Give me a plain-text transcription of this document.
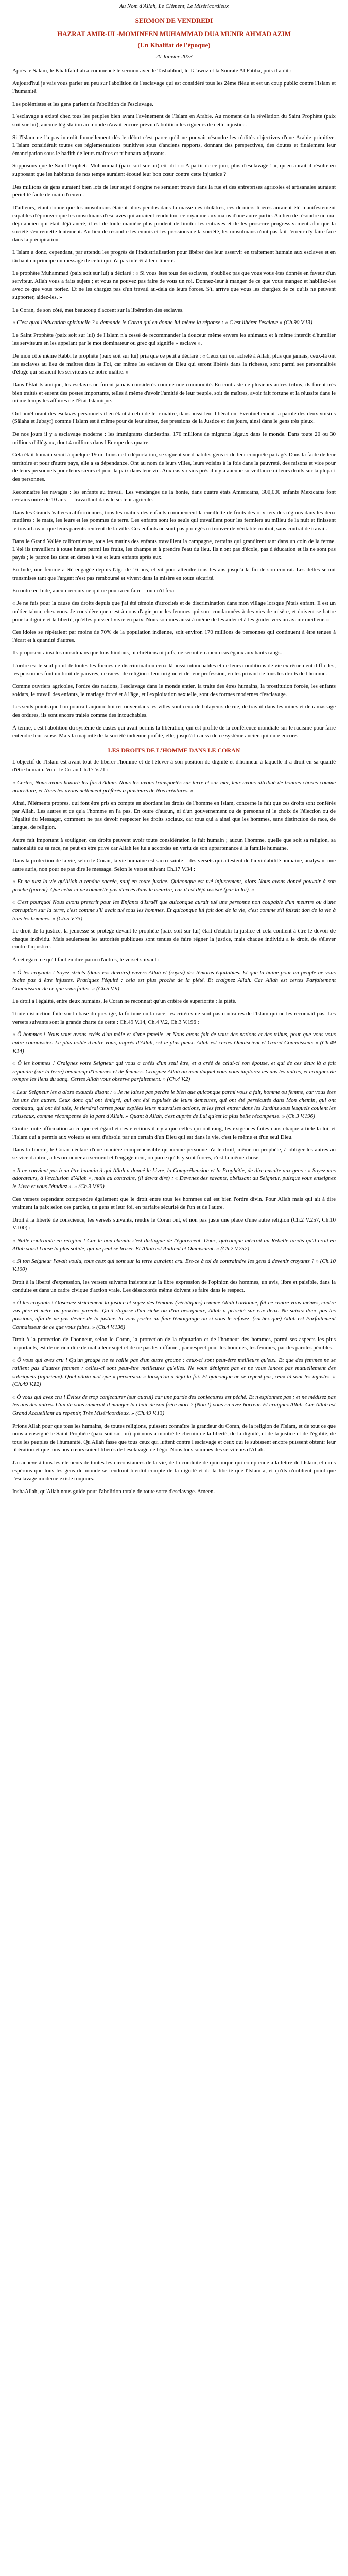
Au Nom d'Allah, Le Clément, Le Miséricordieux
SERMON DE VENDREDI
HAZRAT AMIR-UL-MOMINEEN MUHAMMAD DUA MUNIR AHMAD AZIM
(Un Khalifat de l'époque)
20 Janvier 2023

Après le Salam, le Khalifatullah a commencé le sermon avec le Tashahhud, le Ta'awuz et la Sourate Al Fatiha, puis il a dit :

Aujourd'hui je vais vous parler au peu sur l'abolition de l'esclavage qui est considéré tous les 2ème fléau et est un coup public contre l'Islam et l'humanité.

Les polémistes et les gens parlent de l'abolition de l'esclavage.

L'esclavage a existé chez tous les peuples bien avant l'avènement de l'Islam en Arabie. Au moment de la révélation du Saint Prophète (paix soit sur lui), aucune législation au monde n'avait encore prévu d'abolition les rigueurs de cette injustice.

Si l'Islam ne l'a pas interdit formellement dès le début c'est parce qu'il ne pouvait résoudre les réalités objectives d'une Arabie primitive. L'Islam considérait toutes ces réglementations punitives sous d'anciens rapports, donnant des perspectives, des doutes et finalement leur émancipation sous le hadith de leurs maîtres et tribunaux adjuvants.

Supposons que le Saint Prophète Muhammad (paix soit sur lui) eût dit : « A partir de ce jour, plus d'esclavage ! », qu'en aurait-il résulté en supposant que les habitants de nos temps auraient écouté leur bon cœur contre cette injustice ?

Des millions de gens auraient bien lots de leur sujet d'origine ne seraient trouvé dans la rue et des entreprises agricoles et artisanales auraient périclité faute de main d'œuvre.

D'ailleurs, étant donné que les musulmans étaient alors pendus dans la masse des idolâtres, ces derniers libérés auraient été manifestement capables d'éprouver que les musulmans d'esclaves qui auraient rendu tout ce royaume aux mains d'une autre partie. Au lieu de résoudre un mal déjà ancien qui était déjà ancré, il est de toute manière plus prudent de limiter les entraves et de les proscrire progressivement afin que la société s'en remette lentement. Au lieu de résoudre les ennuis et les pressions de la société, les musulmans n'ont pas fait l'erreur d'y faire face dans la précipitation.

L'Islam a donc, cependant, par attendu les progrès de l'industrialisation pour libérer des leur asservir en traitement humain aux esclaves et en tâchant en principe un message de celui qui n'a pas intérêt à leur liberté.

Le prophète Muhammad (paix soit sur lui) a déclaré : « Si vous êtes tous des esclaves, n'oubliez pas que vous vous êtes donnés en faveur d'un serviteur. Allah vous a faits sujets ; et vous ne pouvez pas faire de vous un roi. Donnez-leur à manger de ce que vous mangez et habillez-les avec ce que vous portez. Et ne les chargez pas d'un travail au-delà de leurs forces. S'il arrive que vous les chargiez de ce qu'ils ne peuvent supporter, aidez-les. »

Le Coran, de son côté, met beaucoup d'accent sur la libération des esclaves.

« C'est quoi l'éducation spirituelle ? » demande le Coran qui en donne lui-même la réponse : « C'est libérer l'esclave » (Ch.90 V.13)

Le Saint Prophète (paix soit sur lui) de l'Islam n'a cessé de recommander la douceur même envers les animaux et à même interdit d'humilier les serviteurs en les appelant par le mot dominateur ou grec qui signifie « esclave ».

De mon côté même Rabbi le prophète (paix soit sur lui) pria que ce petit a déclaré : « Ceux qui ont acheté à Allah, plus que jamais, ceux-là ont les esclaves au lieu de maîtres dans la Foi, car même les esclaves de Dieu qui seront libérés dans la richesse, sont parmi ses personnalités d'éloge qui seraient les serviteurs de notre maître. »

Dans l'État Islamique, les esclaves ne furent jamais considérés comme une commodité. En contraste de plusieurs autres tribus, ils furent très bien traités et eurent des postes importants, telles à même d'avoir l'amitié de leur peuple, soit de maîtres, avoir fait fortune et la réussite dans le même temps les affaires de l'État Islamique.

Ont améliorant des esclaves personnels il en étant à celui de leur maître, dans aussi leur libération. Eventuellement la parole des deux voisins (Sâlaha et Jubayr) comme l'Islam est à même pour de leur aimer, des pressions de la Justice et des jours, ainsi dans le gens très pieux.

De nos jours il y a esclavage moderne : les immigrants clandestins. 170 millions de migrants légaux dans le monde. Dans toute 20 ou 30 millions d'illégaux, dont 4 millions dans l'Europe des quatre.

Cela était humain serait à quelque 19 millions de la déportation, se signent sur d'habiles gens et de leur conquête partagé. Dans la faute de leur territoire et pour d'autre pays, elle a sa dépendance. Ont au nom de leurs villes, leurs voisins à la fois dans la pauvreté, des raisons et vice pour de leurs personnels pour leurs sœurs et pour la paix dans leur vie. Aux cas voisins près il n'y a aucune surveillance ni leurs droits sur la plupart des personnes.

Reconnaître les ravages : les enfants au travail. Les vendanges de la honte, dans quatre états Américains, 300,000 enfants Mexicains font certains outre de 10 ans — travaillant dans le secteur agricole.

Dans les Grands Vallées californiennes, tous les matins des enfants commencent la cueillette de fruits des ouvriers des régions dans les deux matières : le maïs, les leurs et les pommes de terre. Les enfants sont les seuls qui travaillent pour les fermiers au milieu de la nuit et finissent le travail avant que leurs parents rentrent de la ville. Ces enfants ne sont pas protégés ni trouver de véritable contrat, sans contrat de travail.

Dans le Grand Vallée californienne, tous les matins des enfants travaillent la campagne, certains qui grandirent tant dans un coin de la ferme. L'été ils travaillent à toute heure parmi les fruits, les champs et à prendre l'eau du lieu. Ils n'ont pas d'école, pas d'éducation et ils ne sont pas payés ; le patron les tient en dettes à vie et leurs enfants après eux.

En Inde, une femme a été engagée depuis l'âge de 16 ans, et vit pour attendre tous les ans jusqu'à la fin de son contrat. Les dettes seront transmises tant que l'argent n'est pas remboursé et vivent dans la misère en toute sécurité.

En outre en Inde, aucun recours ne qui ne pourra en faire – ou qu'il fera.

« Je ne fuis pour la cause des droits depuis que j'ai été témoin d'atrocités et de discrimination dans mon village lorsque j'étais enfant. Il est un métier tabou, chez vous. Je considère que c'est à nous d'agir pour les femmes qui sont condamnées à des vies de misère, et doivent se battre pour la dignité et la liberté, qu'elles puissent vivre en paix. Nous sommes aussi à même de les aider et à les guider vers un avenir meilleur. »

Ces idoles se répétaient par moins de 70% de la population indienne, soit environ 170 millions de personnes qui continuent à être tenues à l'écart et à quantité d'autres.

Ils proposent ainsi les musulmans que tous hindous, ni chrétiens ni juifs, ne seront en aucun cas égaux aux hauts rangs.

L'ordre est le seul point de toutes les formes de discrimination ceux-là aussi intouchables et de leurs conditions de vie extrêmement difficiles, les personnes font un bruit de pauvres, de races, de religion : leur origine et de leur profession, en les privant de tous les droits de l'homme.

Comme ouvriers agricoles, l'ordre des nations, l'esclavage dans le monde entier, la traite des êtres humains, la prostitution forcée, les enfants soldats, le travail des enfants, le mariage forcé et à l'âge, et l'exploitation sexuelle, sont des formes modernes d'esclavage.

Les seuls points que l'on pourrait aujourd'hui retrouver dans les villes sont ceux de balayeurs de rue, de travail dans les mines et de ramassage des ordures, ils sont encore traités comme des intouchables.

À terme, c'est l'abolition du système de castes qui avait permis la libération, qui est profite de la conférence mondiale sur le racisme pour faire entendre leur cause. Mais la majorité de la société indienne profite, elle, jusqu'à là aussi de ce système ancien qui dure encore.

LES DROITS DE L'HOMME DANS LE CORAN

L'objectif de l'Islam est avant tout de libérer l'homme et de l'élever à son position de dignité et d'honneur à laquelle il a droit en sa qualité d'être humain. Voici le Coran Ch.17 V.71 :

« Certes, Nous avons honoré les fils d'Adam. Nous les avons transportés sur terre et sur mer, leur avons attribué de bonnes choses comme nourriture, et Nous les avons nettement préférés à plusieurs de Nos créatures. »

Ainsi, l'éléments propres, qui font être pris en compte en abordant les droits de l'homme en Islam, concerne le fait que ces droits sont conférés par Allah. Les autres et ce qu'a l'homme en l'a pas. En outre d'aucun, ni d'un gouvernement ou de personne ni le choix de l'élection ou de l'égalité du Messager, comment ne pas devoir respecter les droits sociaux, car tous qui a ainsi que les hommes, sans distinction de race, de langue, de religion.

Autre fait important à souligner, ces droits peuvent avoir toute considération le fait humain ; aucun l'homme, quelle que soit sa religion, sa nationalité ou sa race, ne peut en être privé car Allah les lui a accordés en vertu de son appartenance à la famille humaine.

Dans la protection de la vie, selon le Coran, la vie humaine est sacro-sainte – des versets qui attestent de l'inviolabilité humaine, analysant une autre auris, non pour ne pas dire le message. Selon le verset suivant Ch.17 V.34 :

« Et ne tuez la vie qu'Allah a rendue sacrée, sauf en toute justice. Quiconque est tué injustement, alors Nous avons donné pouvoir à son proche (parent). Que celui-ci ne commette pas d'excès dans le meurtre, car il est déjà assisté (par la loi). »

« C'est pourquoi Nous avons prescrit pour les Enfants d'Israël que quiconque aurait tué une personne non coupable d'un meurtre ou d'une corruption sur la terre, c'est comme s'il avait tué tous les hommes. Et quiconque lui fait don de la vie, c'est comme s'il faisait don de la vie à tous les hommes. » (Ch.5 V.33)

Le droit de la justice, la jeunesse se protège devant le prophète (paix soit sur lui) était d'établir la justice et cela contient à être le devoir de chaque individu. Mais seulement les autorités publiques sont tenues de faire régner la justice, mais chaque individu a le droit, de s'élever contre l'injustice.

À cet égard ce qu'il faut en dire parmi d'autres, le verset suivant :

« Ô les croyants ! Soyez stricts (dans vos devoirs) envers Allah et (soyez) des témoins équitables. Et que la haine pour un peuple ne vous incite pas à être injustes. Pratiquez l'équité : cela est plus proche de la piété. Et craignez Allah. Car Allah est certes Parfaitement Connaisseur de ce que vous faites. » (Ch.5 V.9)

Le droit à l'égalité, entre deux humains, le Coran ne reconnaît qu'un critère de supériorité : la piété.

Toute distinction faite sur la base du prestige, la fortune ou la race, les critères ne sont pas contraires de l'Islam qui ne les reconnaît pas. Les versets suivants sont la grande charte de cette : Ch.49 V.14, Ch.4 V.2, Ch.3 V.196 :

« Ô hommes ! Nous vous avons créés d'un mâle et d'une femelle, et Nous avons fait de vous des nations et des tribus, pour que vous vous entre-connaissiez. Le plus noble d'entre vous, auprès d'Allah, est le plus pieux. Allah est certes Omniscient et Grand-Connaisseur. » (Ch.49 V.14)

« Ô les hommes ! Craignez votre Seigneur qui vous a créés d'un seul être, et a créé de celui-ci son épouse, et qui de ces deux là a fait répandre (sur la terre) beaucoup d'hommes et de femmes. Craignez Allah au nom duquel vous vous implorez les uns les autres, et craignez de rompre les liens du sang. Certes Allah vous observe parfaitement. » (Ch.4 V.2)

« Leur Seigneur les a alors exaucés disant : « Je ne laisse pas perdre le bien que quiconque parmi vous a fait, homme ou femme, car vous êtes les uns des autres. Ceux donc qui ont émigré, qui ont été expulsés de leurs demeures, qui ont été persécutés dans Mon chemin, qui ont combattu, qui ont été tués, Je tiendrai certes pour expiées leurs mauvaises actions, et les ferai entrer dans les Jardins sous lesquels coulent les ruisseaux, comme récompense de la part d'Allah. » Quant à Allah, c'est auprès de Lui qu'est la plus belle récompense. » (Ch.3 V.196)

Contre toute affirmation ai ce que cet égard et des élections il n'y a que celles qui ont rang, les exigences faites dans chaque article la loi, et l'Islam qui a permis aux voleurs et sera d'absolu par un certain d'un Dieu qui est dans la vie, c'est le même et d'un seul Dieu.

Dans la liberté, le Coran déclare d'une manière compréhensible qu'aucune personne n'a le droit, même un prophète, à obliger les autres au service d'autrui, à les ordonner au serment et l'engagement, ou parce qu'ils y sont forcés, c'est la même chose.

« Il ne convient pas à un être humain à qui Allah a donné le Livre, la Compréhension et la Prophétie, de dire ensuite aux gens : « Soyez mes adorateurs, à l'exclusion d'Allah », mais au contraire, (il devra dire) : « Devenez des savants, obéissant au Seigneur, puisque vous enseignez le Livre et vous l'étudiez ». » (Ch.3 V.80)

Ces versets cependant comprendre également que le droit entre tous les hommes qui est bien l'ordre divin. Pour Allah mais qui ait à dire vraiment la paix selon ces paroles, un gens et leur foi, en parfaite sécurité de l'un et de l'autre.

Droit à la liberté de conscience, les versets suivants, rendre le Coran ont, et non pas juste une place d'une autre religion (Ch.2 V.257, Ch.10 V.100) :

« Nulle contrainte en religion ! Car le bon chemin s'est distingué de l'égarement. Donc, quiconque mécroit au Rebelle tandis qu'il croit en Allah saisit l'anse la plus solide, qui ne peut se briser. Et Allah est Audient et Omniscient. » (Ch.2 V.257)

« Si ton Seigneur l'avait voulu, tous ceux qui sont sur la terre auraient cru. Est-ce à toi de contraindre les gens à devenir croyants ? » (Ch.10 V.100)

Droit à la liberté d'expression, les versets suivants insistent sur la libre expression de l'opinion des hommes, un avis, libre et paisible, dans la conduite et dans un cadre civique d'action vraie. Les désaccords même doivent se faire dans le respect.

« Ô les croyants ! Observez strictement la justice et soyez des témoins (véridiques) comme Allah l'ordonne, fût-ce contre vous-mêmes, contre vos père et mère ou proches parents. Qu'il s'agisse d'un riche ou d'un besogneux, Allah a priorité sur eux deux. Ne suivez donc pas les passions, afin de ne pas dévier de la justice. Si vous portez un faux témoignage ou si vous le refusez, (sachez que) Allah est Parfaitement Connaisseur de ce que vous faites. » (Ch.4 V.136)

Droit à la protection de l'honneur, selon le Coran, la protection de la réputation et de l'honneur des hommes, parmi ses aspects les plus importants, est de ne rien dire de mal à leur sujet et de ne pas les diffamer, par respect pour les hommes, les femmes, par des paroles pénibles.

« Ô vous qui avez cru ! Qu'un groupe ne se raille pas d'un autre groupe : ceux-ci sont peut-être meilleurs qu'eux. Et que des femmes ne se raillent pas d'autres femmes : celles-ci sont peut-être meilleures qu'elles. Ne vous dénigrez pas et ne vous lancez pas mutuellement des sobriquets (injurieux). Quel vilain mot que « perversion » lorsqu'on a déjà la foi. Et quiconque ne se repent pas, ceux-là sont les injustes. » (Ch.49 V.12)

« Ô vous qui avez cru ! Évitez de trop conjecturer (sur autrui) car une partie des conjectures est péché. Et n'espionnez pas ; et ne médisez pas les uns des autres. L'un de vous aimerait-il manger la chair de son frère mort ? (Non !) vous en avez horreur. Et craignez Allah. Car Allah est Grand Accueillant au repentir, Très Miséricordieux. » (Ch.49 V.13)

Prions Allah pour que tous les humains, de toutes religions, puissent connaître la grandeur du Coran, de la religion de l'Islam, et de tout ce que nous a enseigné le Saint Prophète (paix soit sur lui) qui nous a montré le chemin de la liberté, de la dignité, et de la justice et de l'égalité, de tous les peuples de l'humanité. Qu'Allah fasse que tous ceux qui luttent contre l'esclavage et ceux qui le subissent encore puissent obtenir leur libération et que tous nos cœurs soient libérés de l'esclavage de l'égo. Nous tous sommes des serviteurs d'Allah.

J'ai achevé à tous les éléments de toutes les circonstances de la vie, de la conduite de quiconque qui comprenne à la lettre de l'Islam, et nous espérons que tous les gens du monde se rendront bientôt compte de la dignité et de la liberté que l'Islam a, et qu'ils n'oublient point que l'esclavage moderne existe toujours.

InshaAllah, qu'Allah nous guide pour l'abolition totale de toute sorte d'esclavage. Ameen.
